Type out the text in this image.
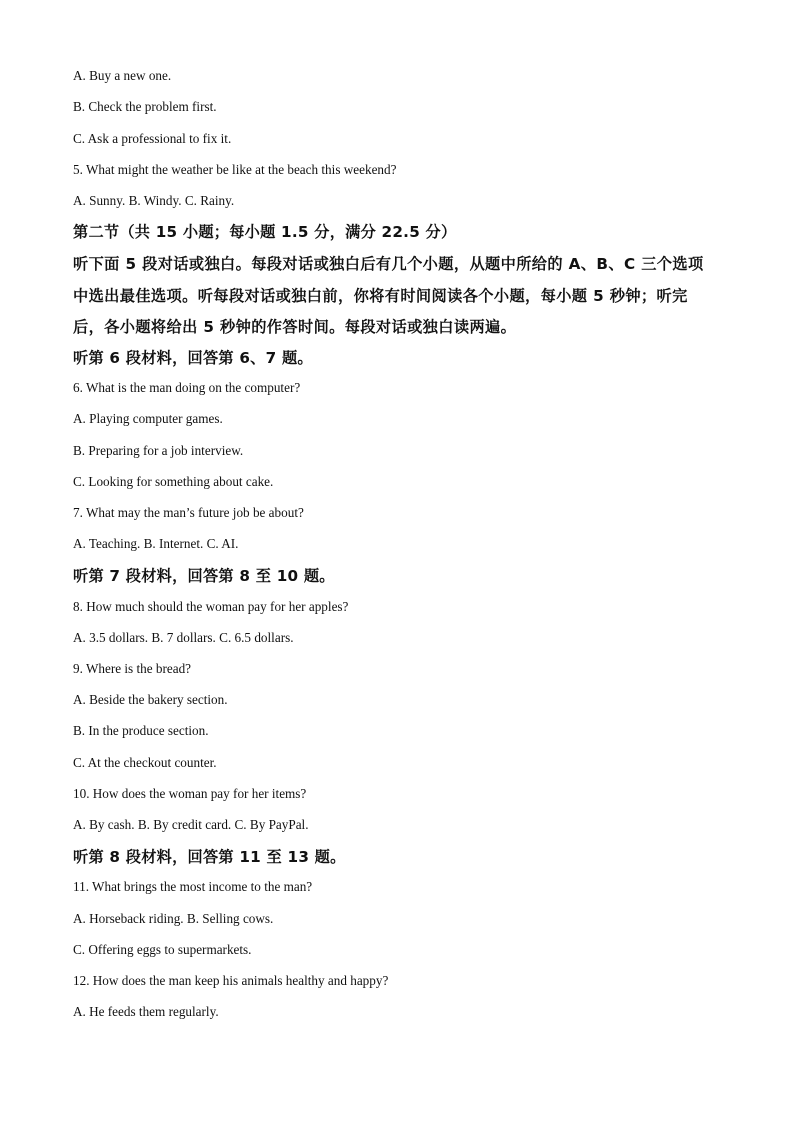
A. Buy a new one.
B. Check the problem first.
C. Ask a professional to fix it.
5. What might the weather be like at the beach this weekend?
A. Sunny. B. Windy. C. Rainy.
第二节（共 15 小题；每小题 1.5 分，满分 22.5 分）
听下面 5 段对话或独白。每段对话或独白后有几个小题，从题中所给的 A、B、C 三个选项
中选出最佳选项。听每段对话或独白前，你将有时间阅读各个小题，每小题 5 秒钟；听完
后，各小题将给出 5 秒钟的作答时间。每段对话或独白读两遍。
听第 6 段材料，回答第 6、7 题。
6. What is the man doing on the computer?
A. Playing computer games.
B. Preparing for a job interview.
C. Looking for something about cake.
7. What may the man’s future job be about?
A. Teaching. B. Internet. C. AI.
听第 7 段材料，回答第 8 至 10 题。
8. How much should the woman pay for her apples?
A. 3.5 dollars. B. 7 dollars. C. 6.5 dollars.
9. Where is the bread?
A. Beside the bakery section.
B. In the produce section.
C. At the checkout counter.
10. How does the woman pay for her items?
A. By cash. B. By credit card. C. By PayPal.
听第 8 段材料，回答第 11 至 13 题。
11. What brings the most income to the man?
A. Horseback riding. B. Selling cows.
C. Offering eggs to supermarkets.
12. How does the man keep his animals healthy and happy?
A. He feeds them regularly.
